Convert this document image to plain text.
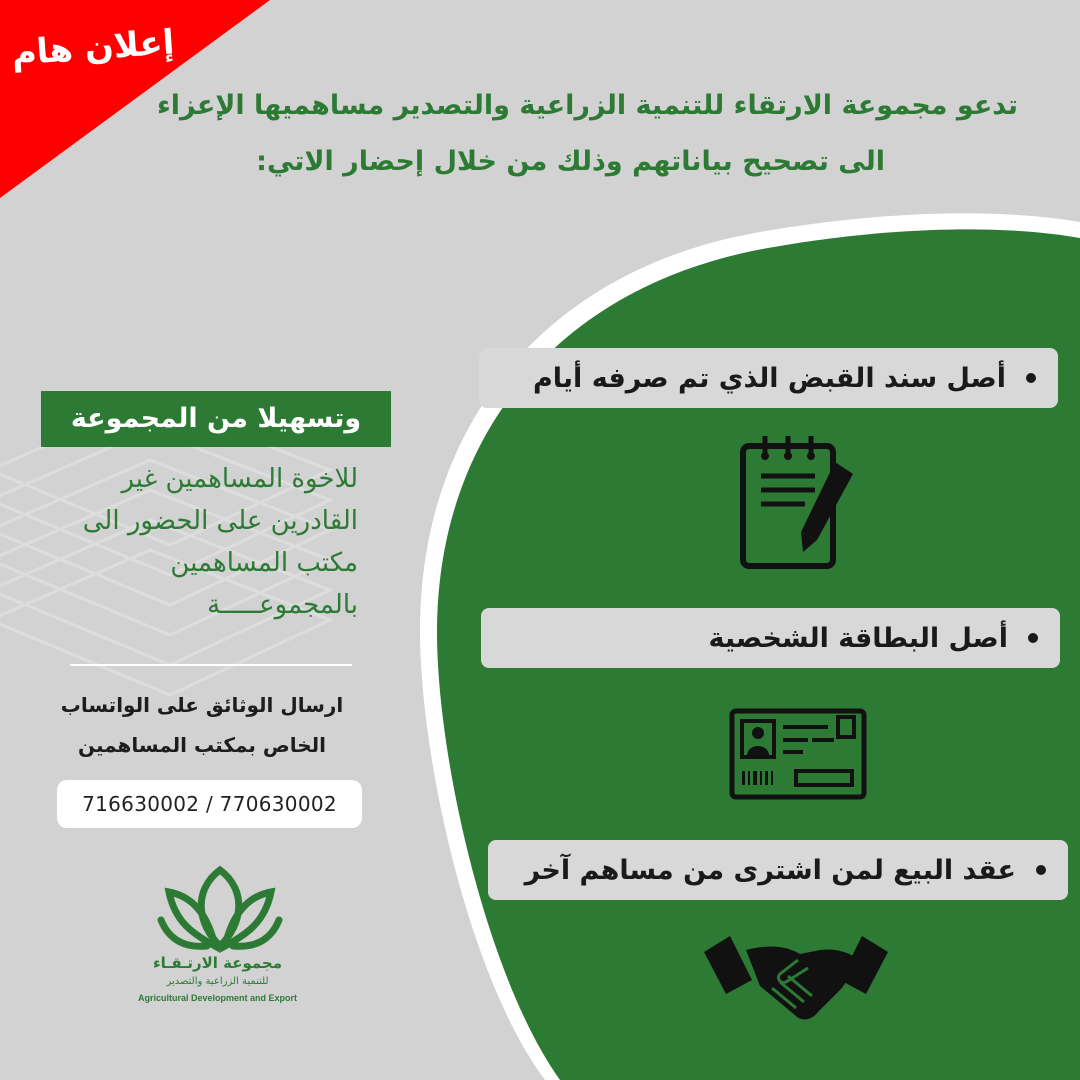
إعلان هام
تدعو مجموعة الارتقاء للتنمية الزراعية والتصدير مساهميها الإعزاء
الى تصحيح بياناتهم وذلك من خلال إحضار الاتي:
أصل سند القبض الذي تم صرفه أيام
أصل البطاقة الشخصية
عقد البيع لمن اشترى من مساهم آخر
وتسهيلا من المجموعة
للاخوة المساهمين غير القادرين على الحضور الى مكتب المساهمين بالمجموعـــــة
ارسال الوثائق على الواتساب
الخاص بمكتب المساهمين
716630002 / 770630002
مجموعة الارتـقـاء
للتنمية الزراعية والتصدير
Agricultural Development and Export
